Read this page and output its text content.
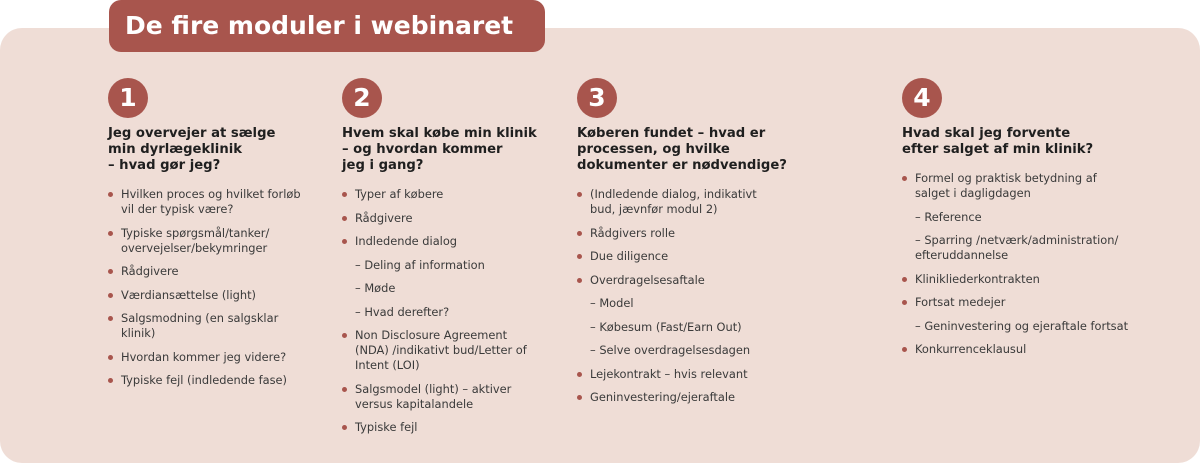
De fire moduler i webinaret
1
Jeg overvejer at sælge
min dyrlægeklinik
– hvad gør jeg?
Hvilken proces og hvilket forløb
vil der typisk være?
Typiske spørgsmål/tanker/
overvejelser/bekymringer
Rådgivere
Værdiansættelse (light)
Salgsmodning (en salgsklar
klinik)
Hvordan kommer jeg videre?
Typiske fejl (indledende fase)
2
Hvem skal købe min klinik
– og hvordan kommer
jeg i gang?
Typer af købere
Rådgivere
Indledende dialog
– Deling af information
– Møde
– Hvad derefter?
Non Disclosure Agreement
(NDA) /indikativt bud/Letter of
Intent (LOI)
Salgsmodel (light) – aktiver
versus kapitalandele
Typiske fejl
3
Køberen fundet – hvad er
processen, og hvilke
dokumenter er nødvendige?
(Indledende dialog, indikativt
bud, jævnfør modul 2)
Rådgivers rolle
Due diligence
Overdragelsesaftale
– Model
– Købesum (Fast/Earn Out)
– Selve overdragelsesdagen
Lejekontrakt – hvis relevant
Geninvestering/ejeraftale
4
Hvad skal jeg forvente
efter salget af min klinik?
Formel og praktisk betydning af
salget i dagligdagen
– Reference
– Sparring /netværk/administration/
efteruddannelse
Klinikliederkontrakten
Fortsat medejer
– Geninvestering og ejeraftale fortsat
Konkurrenceklausul
